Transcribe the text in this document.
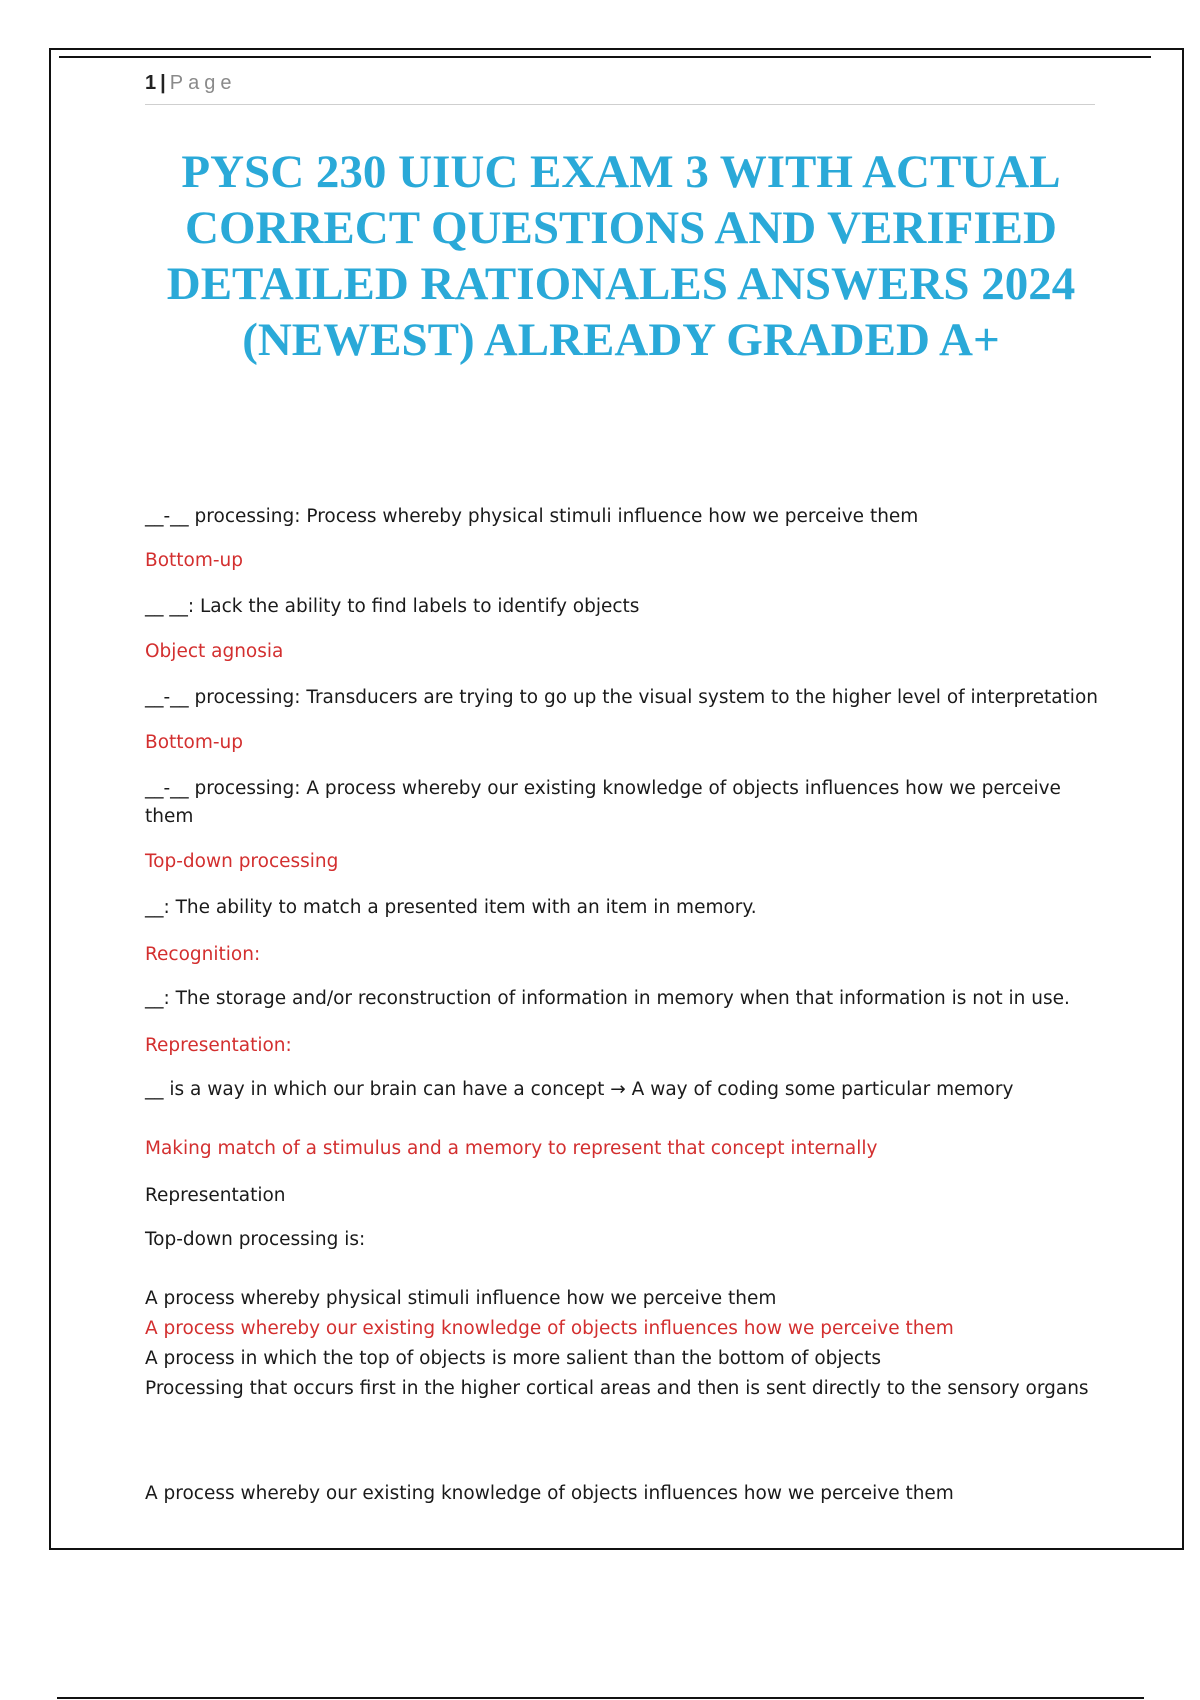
1 | Page
PYSC 230 UIUC EXAM 3 WITH ACTUAL CORRECT QUESTIONS AND VERIFIED DETAILED RATIONALES ANSWERS 2024 (NEWEST) ALREADY GRADED A+
__-__ processing: Process whereby physical stimuli influence how we perceive them
Bottom-up
__ __: Lack the ability to find labels to identify objects
Object agnosia
__-__ processing: Transducers are trying to go up the visual system to the higher level of interpretation
Bottom-up
__-__ processing: A process whereby our existing knowledge of objects influences how we perceive them
Top-down processing
__: The ability to match a presented item with an item in memory.
Recognition:
__: The storage and/or reconstruction of information in memory when that information is not in use.
Representation:
__ is a way in which our brain can have a concept → A way of coding some particular memory
Making match of a stimulus and a memory to represent that concept internally
Representation
Top-down processing is:
A process whereby physical stimuli influence how we perceive them
A process whereby our existing knowledge of objects influences how we perceive them
A process in which the top of objects is more salient than the bottom of objects
Processing that occurs first in the higher cortical areas and then is sent directly to the sensory organs
A process whereby our existing knowledge of objects influences how we perceive them
